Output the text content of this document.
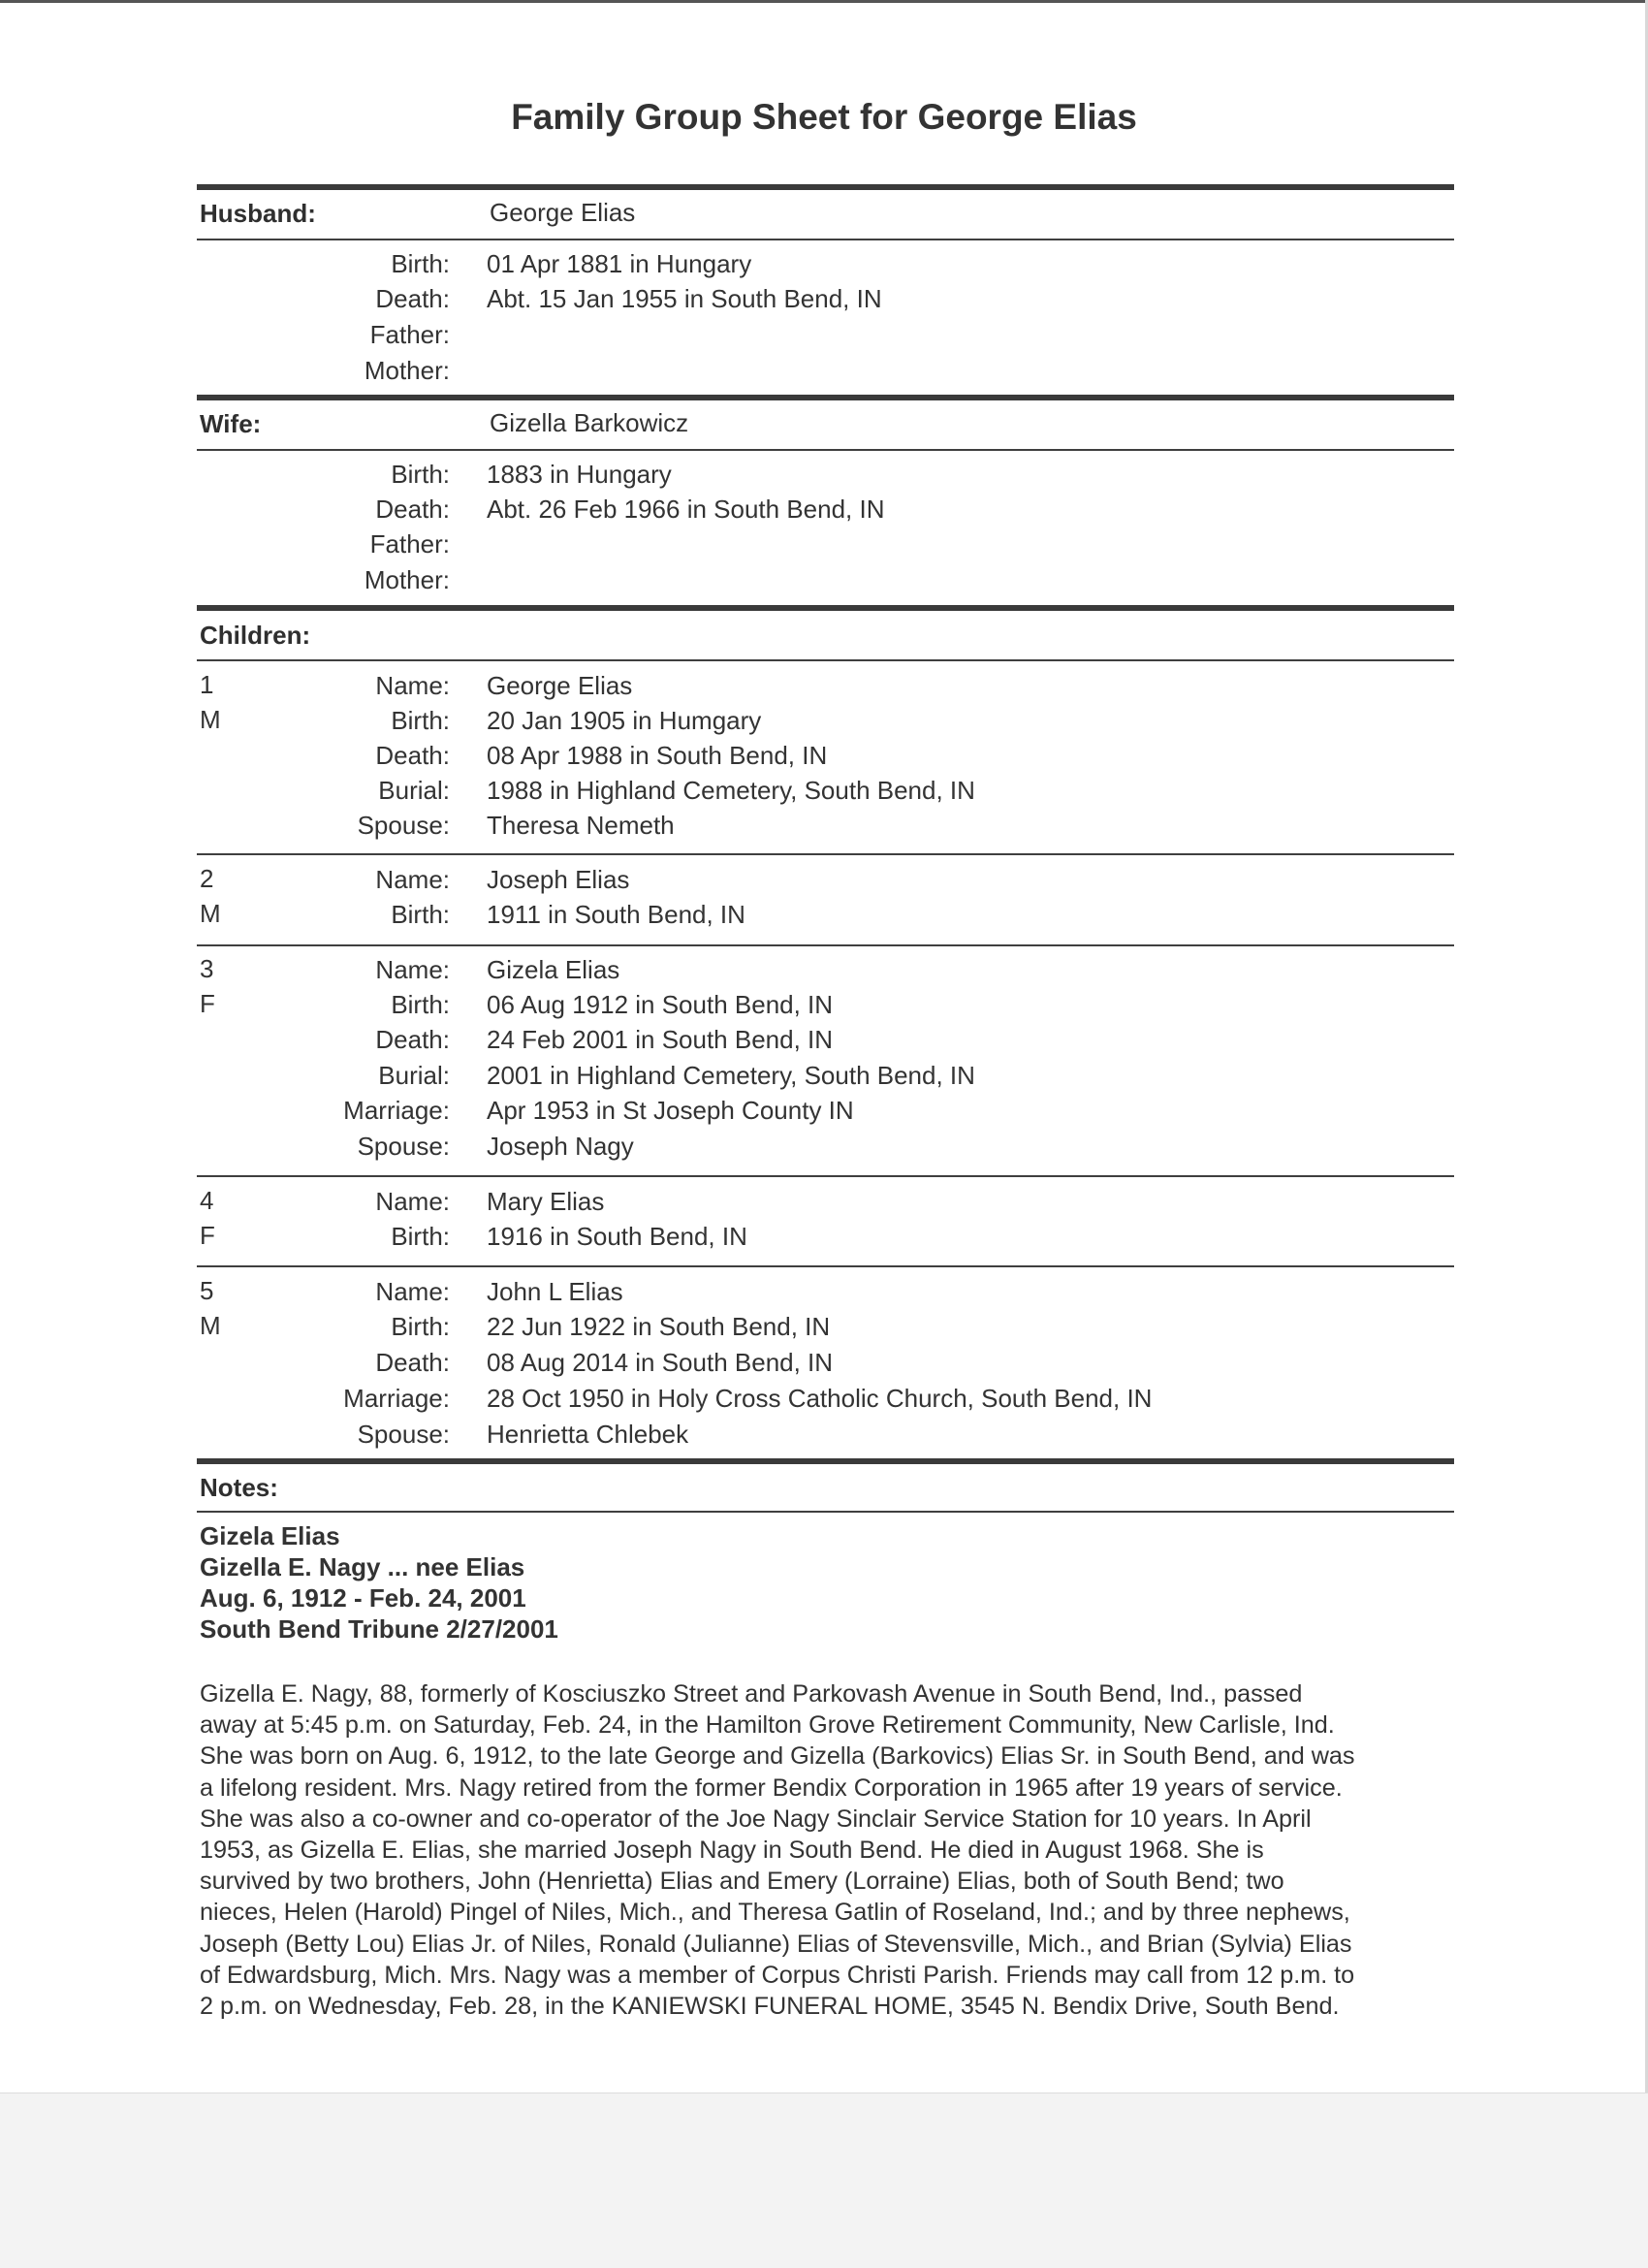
Family Group Sheet for George Elias
Husband:	George Elias
Birth: 01 Apr 1881 in Hungary
Death: Abt. 15 Jan 1955 in South Bend, IN
Father:
Mother:
Wife:	Gizella Barkowicz
Birth: 1883 in Hungary
Death: Abt. 26 Feb 1966 in South Bend, IN
Father:
Mother:
Children:
1
M
Name: George Elias
Birth: 20 Jan 1905 in Humgary
Death: 08 Apr 1988 in South Bend, IN
Burial: 1988 in Highland Cemetery, South Bend, IN
Spouse: Theresa Nemeth
2
M
Name: Joseph Elias
Birth: 1911 in South Bend, IN
3
F
Name: Gizela Elias
Birth: 06 Aug 1912 in South Bend, IN
Death: 24 Feb 2001 in South Bend, IN
Burial: 2001 in Highland Cemetery, South Bend, IN
Marriage: Apr 1953 in St Joseph County IN
Spouse: Joseph Nagy
4
F
Name: Mary Elias
Birth: 1916 in South Bend, IN
5
M
Name: John L Elias
Birth: 22 Jun 1922 in South Bend, IN
Death: 08 Aug 2014 in South Bend, IN
Marriage: 28 Oct 1950 in Holy Cross Catholic Church, South Bend, IN
Spouse: Henrietta Chlebek
Notes:
Gizela Elias
Gizella E. Nagy ... nee Elias
Aug. 6, 1912 - Feb. 24, 2001
South Bend Tribune 2/27/2001
Gizella E. Nagy, 88, formerly of Kosciuszko Street and Parkovash Avenue in South Bend, Ind., passed
away at 5:45 p.m. on Saturday, Feb. 24, in the Hamilton Grove Retirement Community, New Carlisle, Ind.
She was born on Aug. 6, 1912, to the late George and Gizella (Barkovics) Elias Sr. in South Bend, and was
a lifelong resident. Mrs. Nagy retired from the former Bendix Corporation in 1965 after 19 years of service.
She was also a co-owner and co-operator of the Joe Nagy Sinclair Service Station for 10 years. In April
1953, as Gizella E. Elias, she married Joseph Nagy in South Bend. He died in August 1968. She is
survived by two brothers, John (Henrietta) Elias and Emery (Lorraine) Elias, both of South Bend; two
nieces, Helen (Harold) Pingel of Niles, Mich., and Theresa Gatlin of Roseland, Ind.; and by three nephews,
Joseph (Betty Lou) Elias Jr. of Niles, Ronald (Julianne) Elias of Stevensville, Mich., and Brian (Sylvia) Elias
of Edwardsburg, Mich. Mrs. Nagy was a member of Corpus Christi Parish. Friends may call from 12 p.m. to
2 p.m. on Wednesday, Feb. 28, in the KANIEWSKI FUNERAL HOME, 3545 N. Bendix Drive, South Bend.
